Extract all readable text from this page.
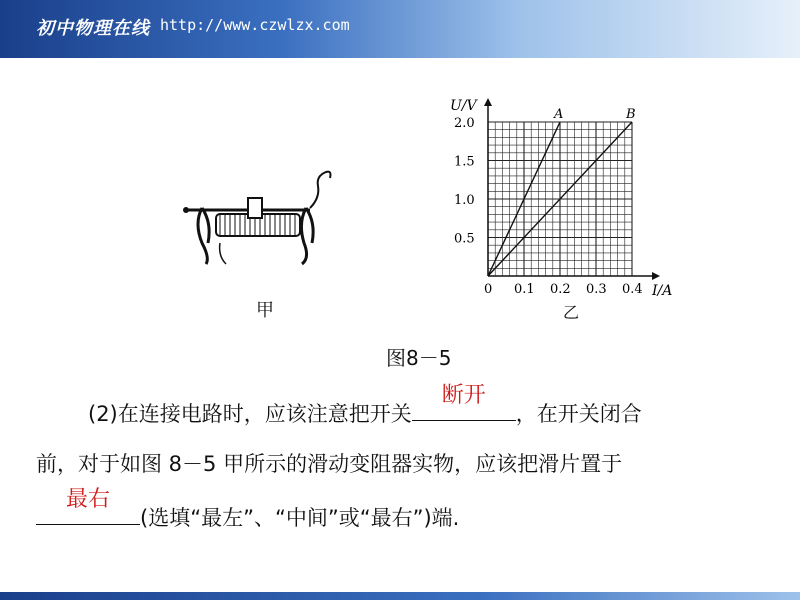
初中物理在线 http://www.czwlzx.com
甲
U/V
I/A
0 0.1 0.2 0.3 0.4
0.5
1.0
1.5
2.0
A	B
乙
图8－5
(2)在连接电路时，应该注意把开关
断开
，在开关闭合
前，对于如图 8－5 甲所示的滑动变阻器实物，应该把滑片置于
最右
(选填“最左”、“中间”或“最右”)端.
